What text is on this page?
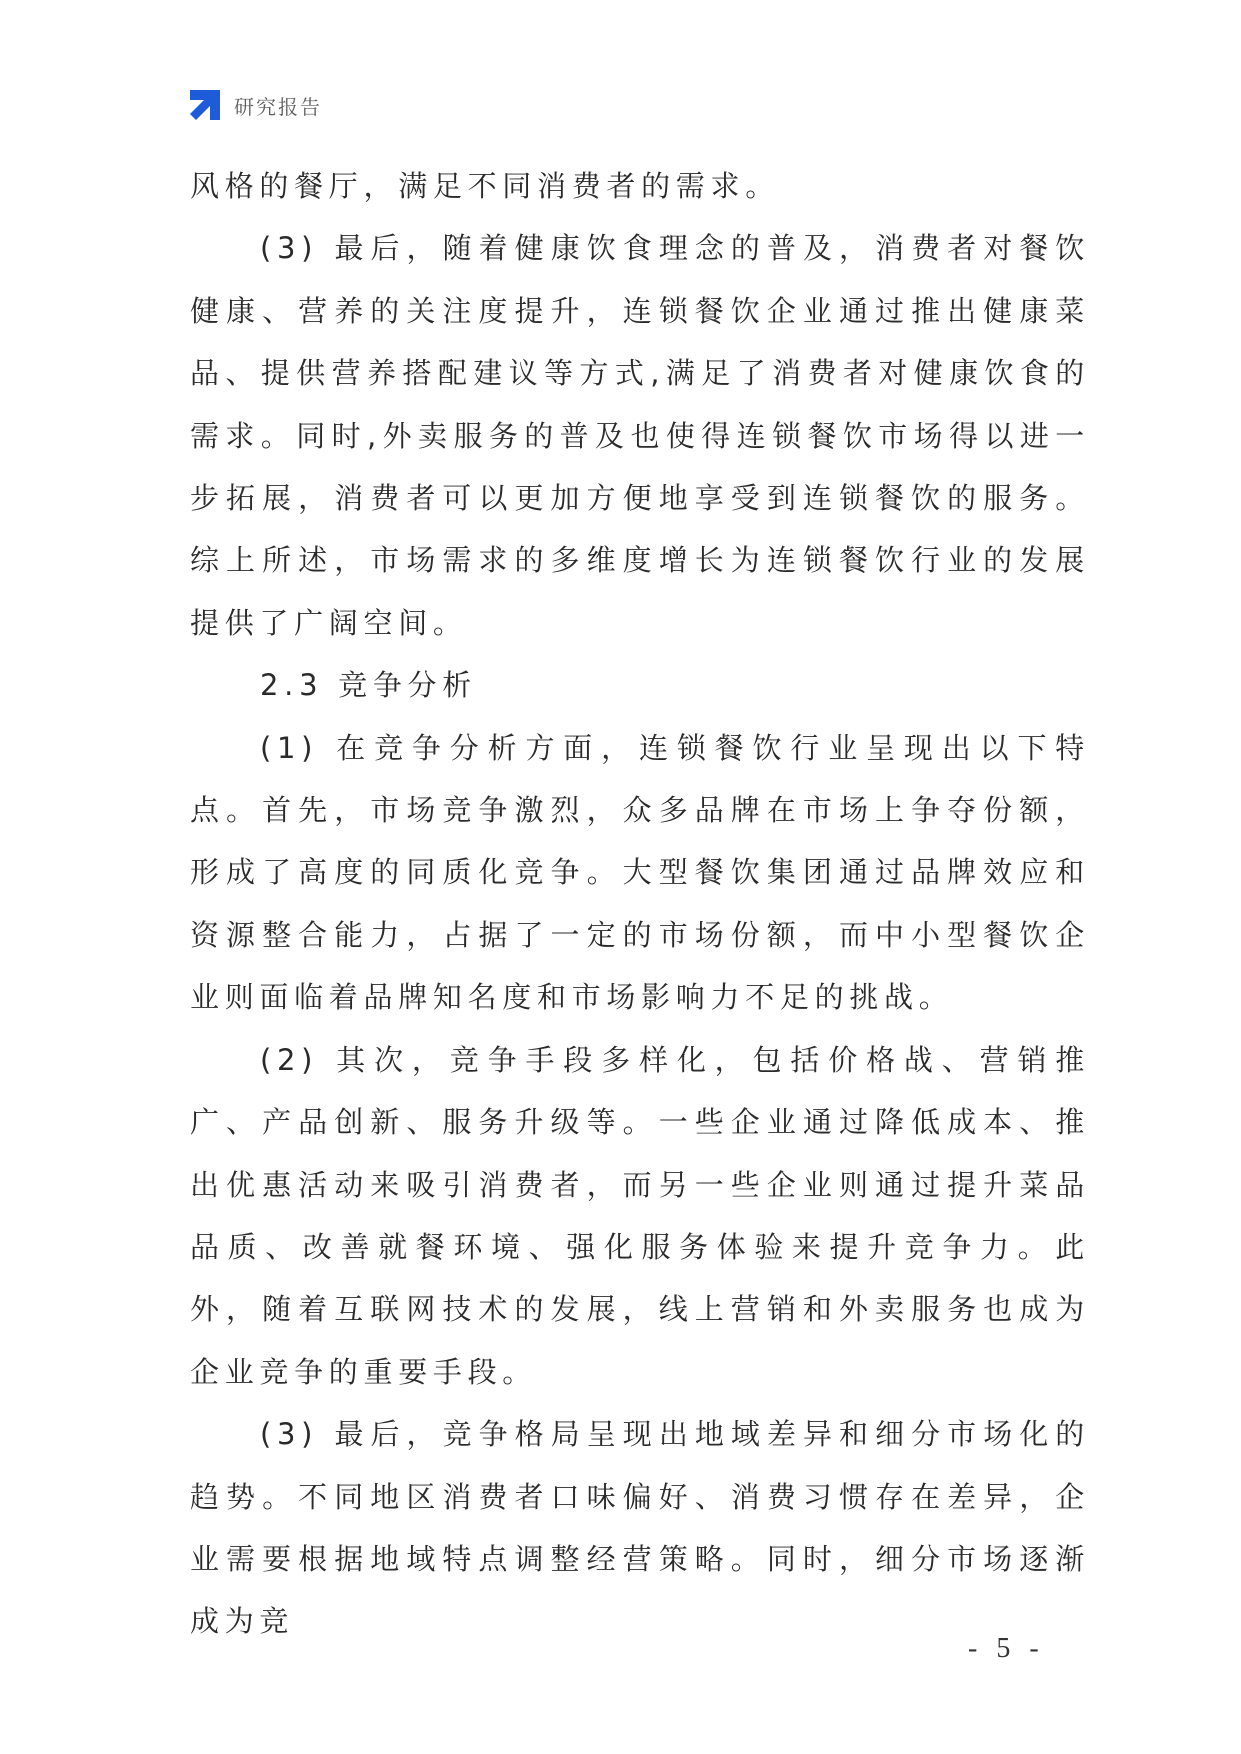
研究报告

风格的餐厅，满足不同消费者的需求。

(3) 最后，随着健康饮食理念的普及，消费者对餐饮健康、营养的关注度提升，连锁餐饮企业通过推出健康菜品、提供营养搭配建议等方式,满足了消费者对健康饮食的需求。同时,外卖服务的普及也使得连锁餐饮市场得以进一步拓展，消费者可以更加方便地享受到连锁餐饮的服务。综上所述，市场需求的多维度增长为连锁餐饮行业的发展提供了广阔空间。

2.3 竞争分析

(1) 在竞争分析方面，连锁餐饮行业呈现出以下特点。首先，市场竞争激烈，众多品牌在市场上争夺份额，形成了高度的同质化竞争。大型餐饮集团通过品牌效应和资源整合能力，占据了一定的市场份额，而中小型餐饮企业则面临着品牌知名度和市场影响力不足的挑战。

(2) 其次，竞争手段多样化，包括价格战、营销推广、产品创新、服务升级等。一些企业通过降低成本、推出优惠活动来吸引消费者，而另一些企业则通过提升菜品品质、改善就餐环境、强化服务体验来提升竞争力。此外，随着互联网技术的发展，线上营销和外卖服务也成为企业竞争的重要手段。

(3) 最后，竞争格局呈现出地域差异和细分市场化的趋势。不同地区消费者口味偏好、消费习惯存在差异，企业需要根据地域特点调整经营策略。同时，细分市场逐渐成为竞

- 5 -
